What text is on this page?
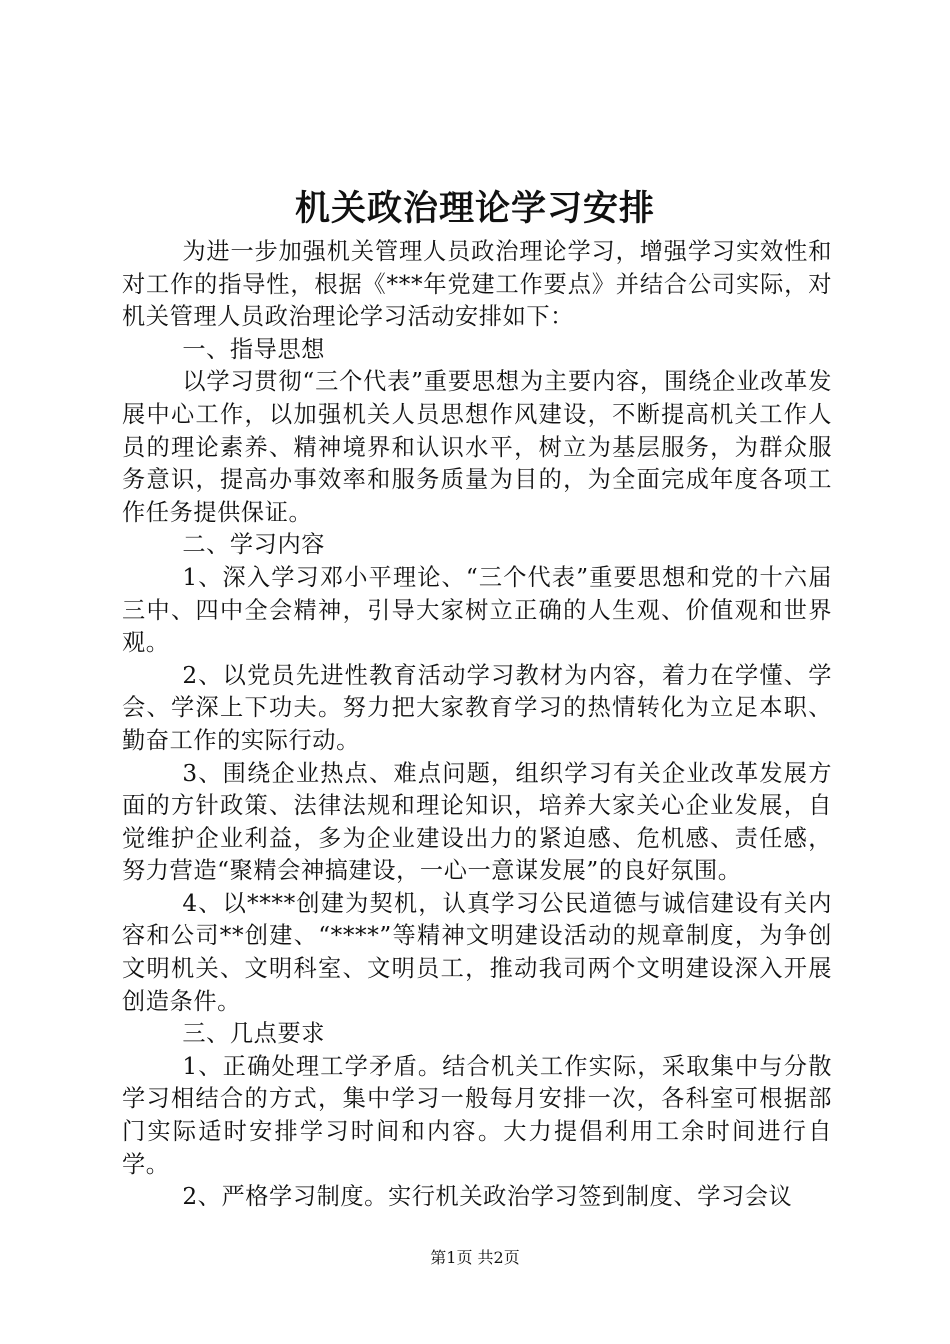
机关政治理论学习安排

为进一步加强机关管理人员政治理论学习，增强学习实效性和对工作的指导性，根据《***年党建工作要点》并结合公司实际，对机关管理人员政治理论学习活动安排如下：

一、指导思想

以学习贯彻“三个代表”重要思想为主要内容，围绕企业改革发展中心工作，以加强机关人员思想作风建设，不断提高机关工作人员的理论素养、精神境界和认识水平，树立为基层服务，为群众服务意识，提高办事效率和服务质量为目的，为全面完成年度各项工作任务提供保证。

二、学习内容

1、深入学习邓小平理论、“三个代表”重要思想和党的十六届三中、四中全会精神，引导大家树立正确的人生观、价值观和世界观。

2、以党员先进性教育活动学习教材为内容，着力在学懂、学会、学深上下功夫。努力把大家教育学习的热情转化为立足本职、勤奋工作的实际行动。

3、围绕企业热点、难点问题，组织学习有关企业改革发展方面的方针政策、法律法规和理论知识，培养大家关心企业发展，自觉维护企业利益，多为企业建设出力的紧迫感、危机感、责任感，努力营造“聚精会神搞建设，一心一意谋发展”的良好氛围。

4、以****创建为契机，认真学习公民道德与诚信建设有关内容和公司**创建、“****”等精神文明建设活动的规章制度，为争创文明机关、文明科室、文明员工，推动我司两个文明建设深入开展创造条件。

三、几点要求

1、正确处理工学矛盾。结合机关工作实际，采取集中与分散学习相结合的方式，集中学习一般每月安排一次，各科室可根据部门实际适时安排学习时间和内容。大力提倡利用工余时间进行自学。

2、严格学习制度。实行机关政治学习签到制度、学习会议

第1页 共2页
